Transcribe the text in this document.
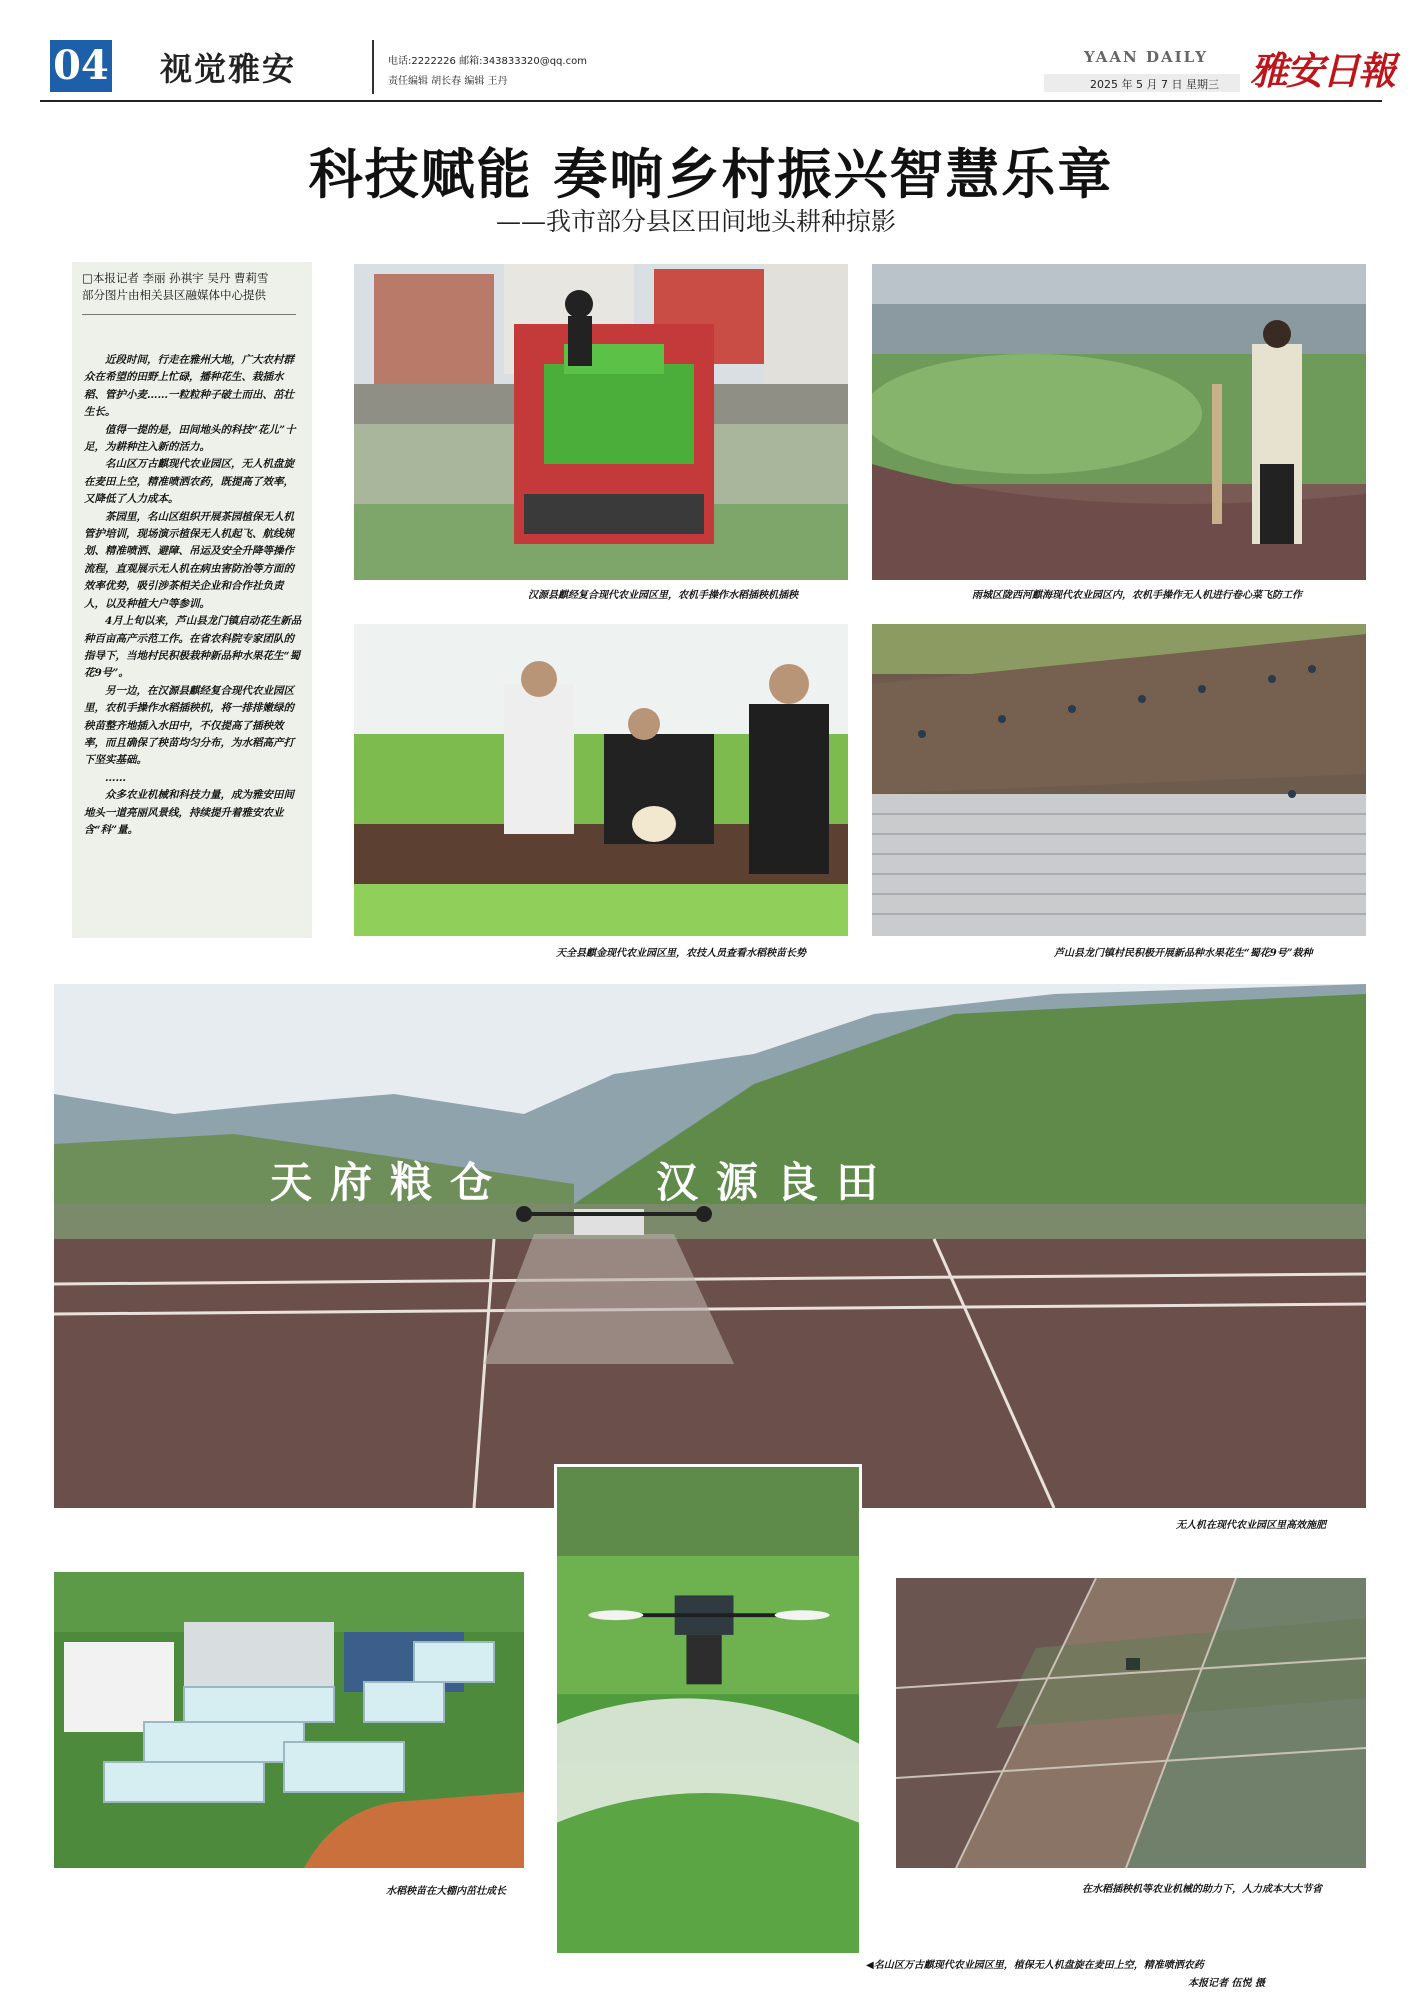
04 视觉雅安	电话:2222226 邮箱:343833320@qq.com
责任编辑 胡长春 编辑 王丹
YAAN DAILY
2025 年 5 月 7 日 星期三 雅安日報
科技赋能 奏响乡村振兴智慧乐章
——我市部分县区田间地头耕种掠影
□本报记者 李丽 孙祺宇 吴丹 曹莉雪
部分图片由相关县区融媒体中心提供

近段时间，行走在雅州大地，广大农村群众在希望的田野上忙碌，播种花生、栽插水稻、管护小麦……一粒粒种子破土而出、茁壮生长。

值得一提的是，田间地头的科技“花儿”十足，为耕种注入新的活力。

名山区万古麒现代农业园区，无人机盘旋在麦田上空，精准喷洒农药，既提高了效率，又降低了人力成本。

茶园里，名山区组织开展茶园植保无人机管护培训，现场演示植保无人机起飞、航线规划、精准喷洒、避障、吊运及安全升降等操作流程，直观展示无人机在病虫害防治等方面的效率优势，吸引涉茶相关企业和合作社负责人，以及种植大户等参训。

4月上旬以来，芦山县龙门镇启动花生新品种百亩高产示范工作。在省农科院专家团队的指导下，当地村民积极栽种新品种水果花生“蜀花9号”。

另一边，在汉源县麒经复合现代农业园区里，农机手操作水稻插秧机，将一排排嫩绿的秧苗整齐地插入水田中，不仅提高了插秧效率，而且确保了秧苗均匀分布，为水稻高产打下坚实基础。

……

众多农业机械和科技力量，成为雅安田间地头一道亮丽风景线，持续提升着雅安农业含“科”量。

汉源县麒经复合现代农业园区里，农机手操作水稻插秧机插秧	雨城区陇西河麒海现代农业园区内，农机手操作无人机进行卷心菜飞防工作
天全县麒金现代农业园区里，农技人员查看水稻秧苗长势	芦山县龙门镇村民积极开展新品种水果花生“蜀花9号”栽种
天府粮仓	汉源良田
无人机在现代农业园区里高效施肥
水稻秧苗在大棚内茁壮成长	在水稻插秧机等农业机械的助力下，人力成本大大节省
◀名山区万古麒现代农业园区里，植保无人机盘旋在麦田上空，精准喷洒农药
本报记者 伍悦 摄
